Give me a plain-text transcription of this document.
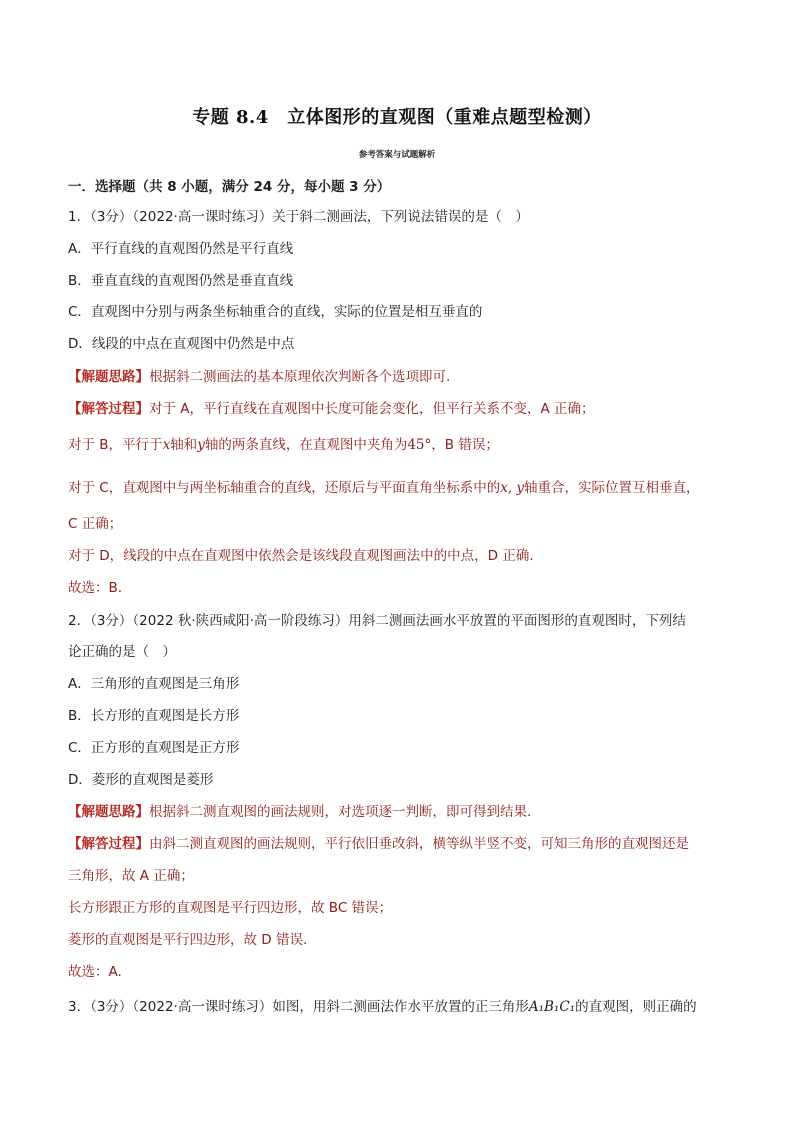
专题 8.4　立体图形的直观图（重难点题型检测）
参考答案与试题解析
一．选择题（共 8 小题，满分 24 分，每小题 3 分）
1．（3分）（2022·高一课时练习）关于斜二测画法，下列说法错误的是（　）
A．平行直线的直观图仍然是平行直线
B．垂直直线的直观图仍然是垂直直线
C．直观图中分别与两条坐标轴重合的直线，实际的位置是相互垂直的
D．线段的中点在直观图中仍然是中点
【解题思路】根据斜二测画法的基本原理依次判断各个选项即可.
【解答过程】对于 A，平行直线在直观图中长度可能会变化，但平行关系不变，A 正确；
对于 B，平行于x轴和y轴的两条直线，在直观图中夹角为45°，B 错误；
对于 C，直观图中与两坐标轴重合的直线，还原后与平面直角坐标系中的x, y轴重合，实际位置互相垂直，
C 正确；
对于 D，线段的中点在直观图中依然会是该线段直观图画法中的中点，D 正确.
故选：B.
2．（3分）（2022 秋·陕西咸阳·高一阶段练习）用斜二测画法画水平放置的平面图形的直观图时，下列结
论正确的是（　）
A．三角形的直观图是三角形
B．长方形的直观图是长方形
C．正方形的直观图是正方形
D．菱形的直观图是菱形
【解题思路】根据斜二测直观图的画法规则，对选项逐一判断，即可得到结果.
【解答过程】由斜二测直观图的画法规则，平行依旧垂改斜，横等纵半竖不变，可知三角形的直观图还是
三角形，故 A 正确；
长方形跟正方形的直观图是平行四边形，故 BC 错误；
菱形的直观图是平行四边形，故 D 错误.
故选：A.
3．（3分）（2022·高一课时练习）如图，用斜二测画法作水平放置的正三角形A₁B₁C₁的直观图，则正确的
